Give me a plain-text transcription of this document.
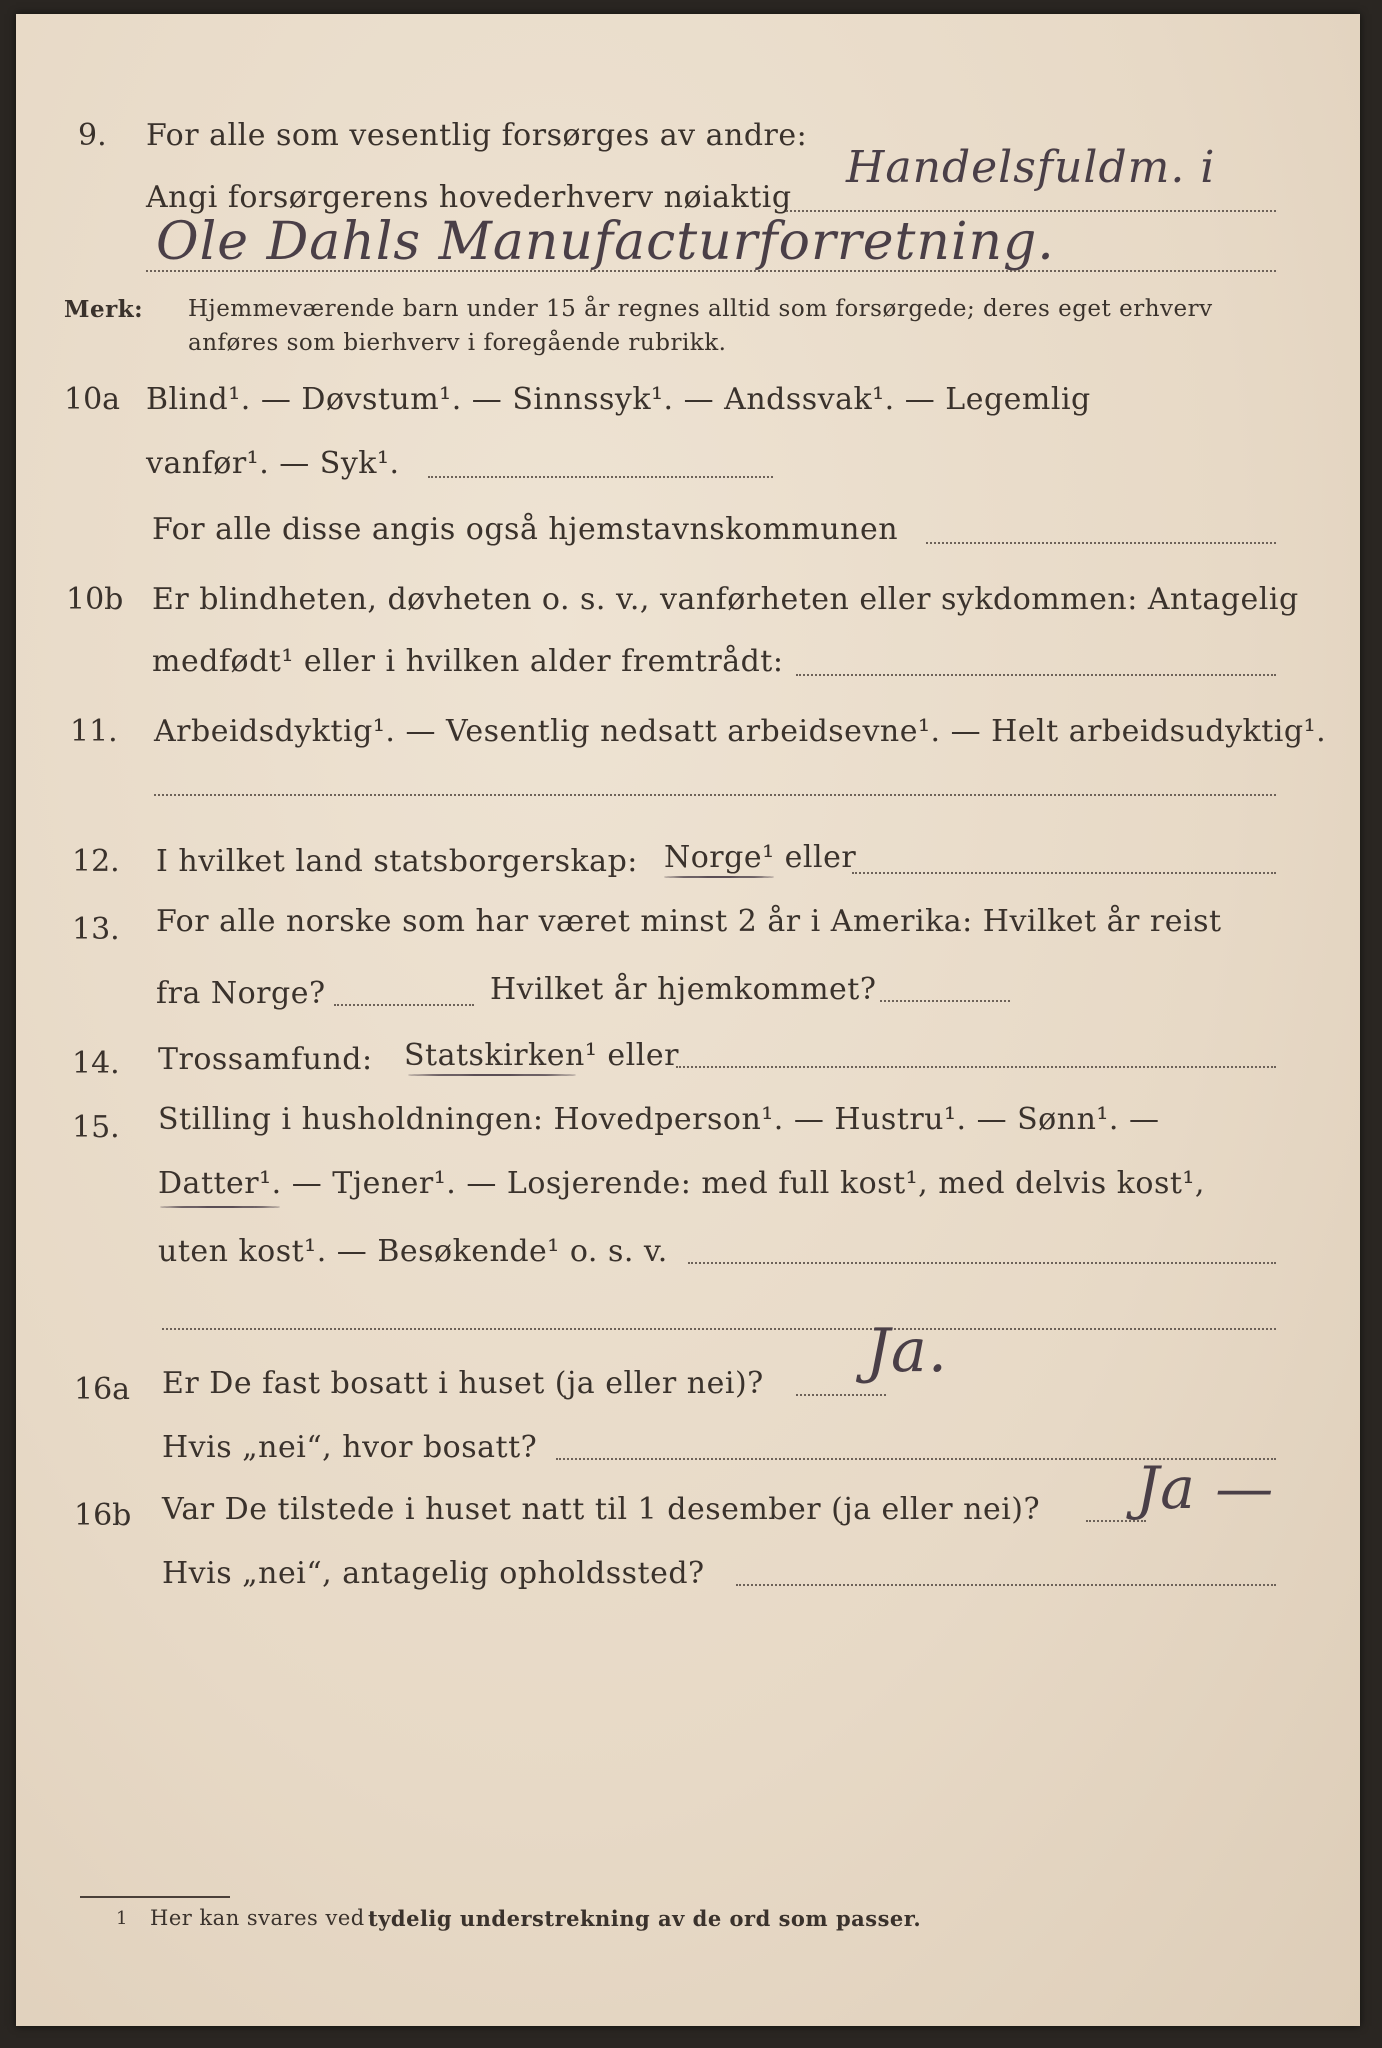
9. For alle som vesentlig forsørges av andre:
Angi forsørgerens hovederhverv nøiaktig
Handelsfuldm. i
Ole Dahls Manufacturforretning.
Merk: Hjemmeværende barn under 15 år regnes alltid som forsørgede; deres eget erhverv
anføres som bierhverv i foregående rubrikk.
10a Blind¹. — Døvstum¹. — Sinnssyk¹. — Andssvak¹. — Legemlig
vanfør¹. — Syk¹.
For alle disse angis også hjemstavnskommunen
10b Er blindheten, døvheten o. s. v., vanførheten eller sykdommen: Antagelig
medfødt¹ eller i hvilken alder fremtrådt:
11. Arbeidsdyktig¹. — Vesentlig nedsatt arbeidsevne¹. — Helt arbeidsudyktig¹.
12. I hvilket land statsborgerskap: Norge¹ eller
13. For alle norske som har været minst 2 år i Amerika: Hvilket år reist
fra Norge?	Hvilket år hjemkommet?
14. Trossamfund: Statskirken¹ eller
15. Stilling i husholdningen: Hovedperson¹. — Hustru¹. — Sønn¹. —
Datter¹. — Tjener¹. — Losjerende: med full kost¹, med delvis kost¹,
uten kost¹. — Besøkende¹ o. s. v.
16a Er De fast bosatt i huset (ja eller nei)? Ja.
Hvis „nei“, hvor bosatt?
16b Var De tilstede i huset natt til 1 desember (ja eller nei)? Ja —
Hvis „nei“, antagelig opholdssted?
1 Her kan svares ved tydelig understrekning av de ord som passer.
